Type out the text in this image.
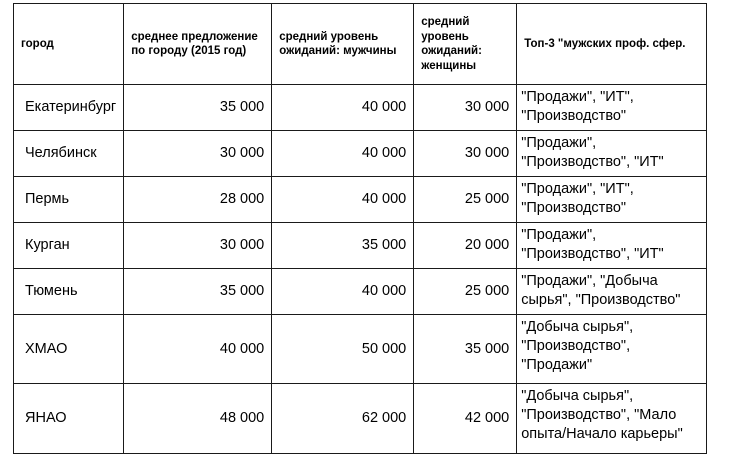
город	среднее предложение по городу (2015 год)	средний уровень ожиданий: мужчины	средний уровень ожиданий: женщины	Топ-3 "мужских проф. сфер.
Екатеринбург	35 000	40 000	30 000	"Продажи", "ИТ", "Производство"
Челябинск	30 000	40 000	30 000	"Продажи", "Производство", "ИТ"
Пермь	28 000	40 000	25 000	"Продажи", "ИТ", "Производство"
Курган	30 000	35 000	20 000	"Продажи", "Производство", "ИТ"
Тюмень	35 000	40 000	25 000	"Продажи", "Добыча сырья", "Производство"
ХМАО	40 000	50 000	35 000	"Добыча сырья", "Производство", "Продажи"
ЯНАО	48 000	62 000	42 000	"Добыча сырья", "Производство", "Мало опыта/Начало карьеры"
